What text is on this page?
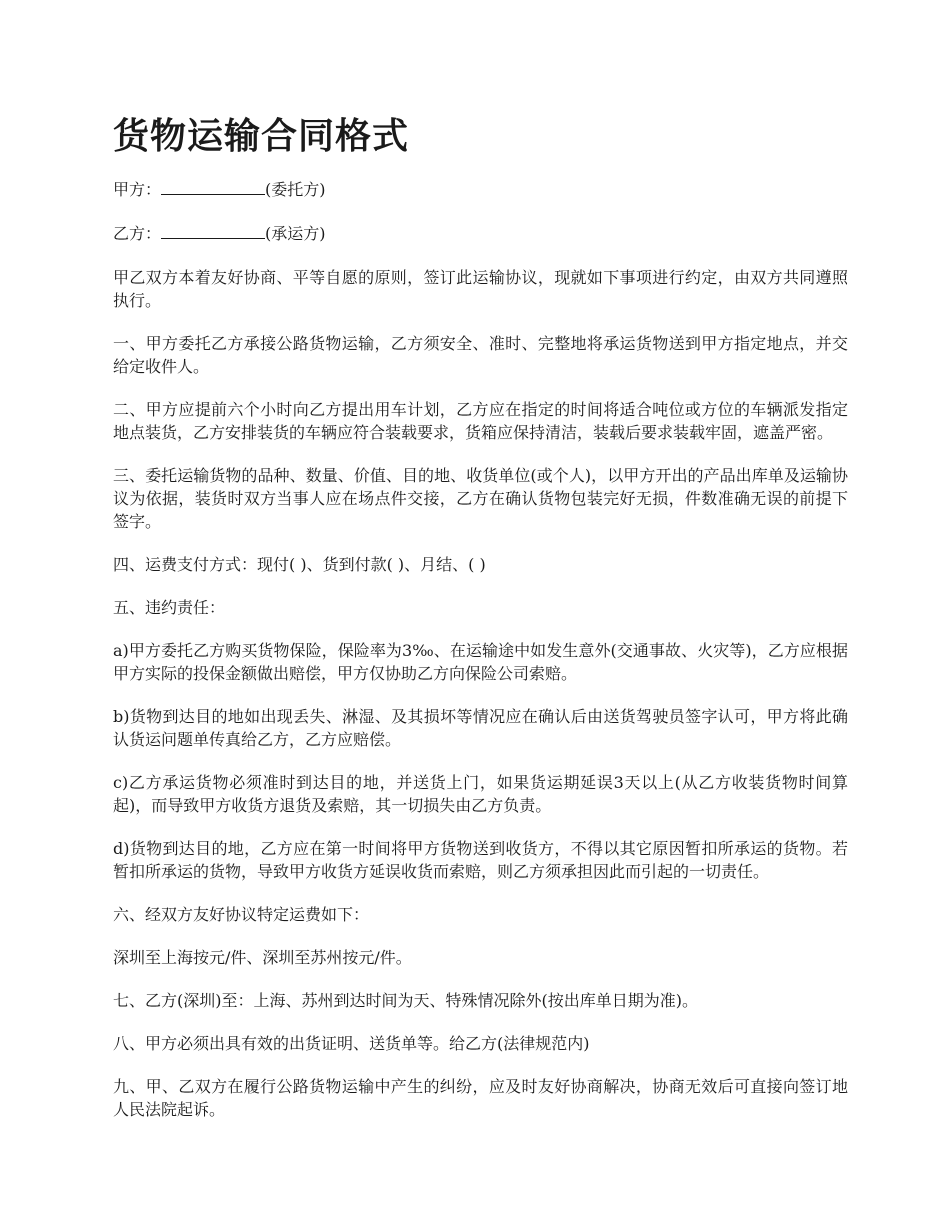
货物运输合同格式

甲方：	(委托方)

乙方：	(承运方)

甲乙双方本着友好协商、平等自愿的原则，签订此运输协议，现就如下事项进行约定，由双方共同遵照执行。

一、甲方委托乙方承接公路货物运输，乙方须安全、准时、完整地将承运货物送到甲方指定地点，并交给定收件人。

二、甲方应提前六个小时向乙方提出用车计划，乙方应在指定的时间将适合吨位或方位的车辆派发指定地点装货，乙方安排装货的车辆应符合装载要求，货箱应保持清洁，装载后要求装载牢固，遮盖严密。

三、委托运输货物的品种、数量、价值、目的地、收货单位(或个人)，以甲方开出的产品出库单及运输协议为依据，装货时双方当事人应在场点件交接，乙方在确认货物包装完好无损，件数准确无误的前提下签字。

四、运费支付方式：现付( )、货到付款( )、月结、( )

五、违约责任：

a)甲方委托乙方购买货物保险，保险率为3‰、在运输途中如发生意外(交通事故、火灾等)，乙方应根据甲方实际的投保金额做出赔偿，甲方仅协助乙方向保险公司索赔。

b)货物到达目的地如出现丢失、淋湿、及其损坏等情况应在确认后由送货驾驶员签字认可，甲方将此确认货运问题单传真给乙方，乙方应赔偿。

c)乙方承运货物必须准时到达目的地，并送货上门，如果货运期延误3天以上(从乙方收装货物时间算起)，而导致甲方收货方退货及索赔，其一切损失由乙方负责。

d)货物到达目的地，乙方应在第一时间将甲方货物送到收货方，不得以其它原因暂扣所承运的货物。若暂扣所承运的货物，导致甲方收货方延误收货而索赔，则乙方须承担因此而引起的一切责任。

六、经双方友好协议特定运费如下：

深圳至上海按元/件、深圳至苏州按元/件。

七、乙方(深圳)至：上海、苏州到达时间为天、特殊情况除外(按出库单日期为准)。

八、甲方必须出具有效的出货证明、送货单等。给乙方(法律规范内)

九、甲、乙双方在履行公路货物运输中产生的纠纷，应及时友好协商解决，协商无效后可直接向签订地人民法院起诉。
